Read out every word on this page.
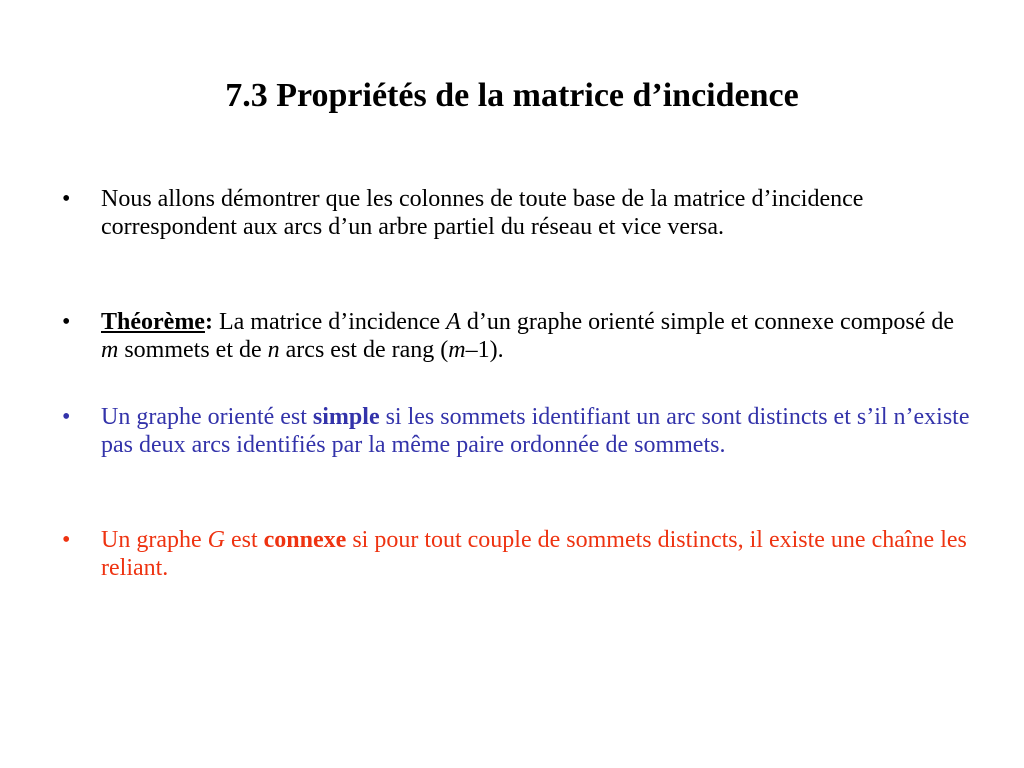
7.3 Propriétés de la matrice d’incidence
• Nous allons démontrer que les colonnes de toute base de la matrice d’incidence correspondent aux arcs d’un arbre partiel du réseau et vice versa.
• Théorème: La matrice d’incidence A d’un graphe orienté simple et connexe composé de m sommets et de n arcs est de rang (m–1).
• Un graphe orienté est simple si les sommets identifiant un arc sont distincts et s’il n’existe pas deux arcs identifiés par la même paire ordonnée de sommets.
• Un graphe G est connexe si pour tout couple de sommets distincts, il existe une chaîne les reliant.
